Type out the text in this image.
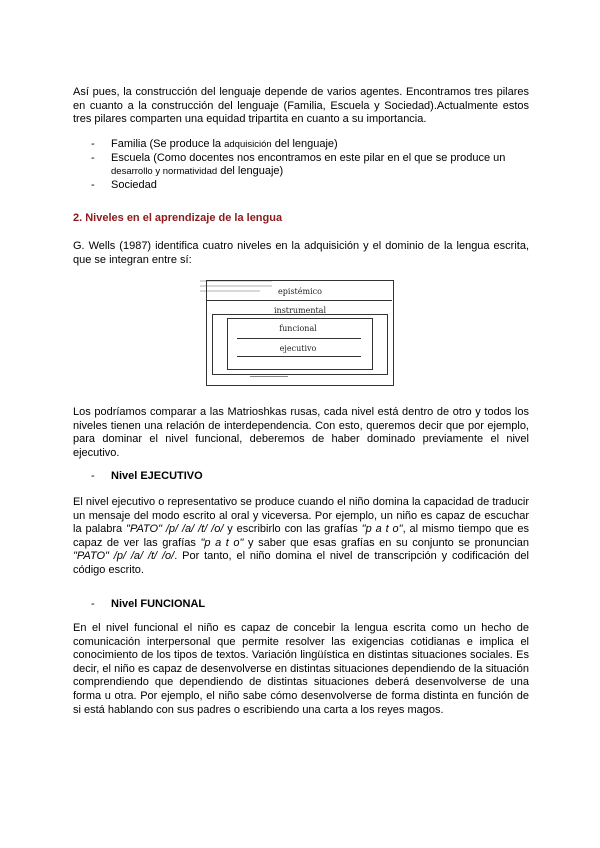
Así pues, la construcción del lenguaje depende de varios agentes. Encontramos tres pilares en cuanto a la construcción del lenguaje (Familia, Escuela y Sociedad).Actualmente estos tres pilares comparten una equidad tripartita en cuanto a su importancia.

- Familia (Se produce la adquisición del lenguaje)
- Escuela (Como docentes nos encontramos en este pilar en el que se produce un desarrollo y normatividad del lenguaje)
- Sociedad
2. Niveles en el aprendizaje de la lengua

G. Wells (1987) identifica cuatro niveles en la adquisición y el dominio de la lengua escrita, que se integran entre sí:

epistémico
instrumental
funcional
ejecutivo

Los podríamos comparar a las Matrioshkas rusas, cada nivel está dentro de otro y todos los niveles tienen una relación de interdependencia. Con esto, queremos decir que por ejemplo, para dominar el nivel funcional, deberemos de haber dominado previamente el nivel ejecutivo.

- Nivel EJECUTIVO

El nivel ejecutivo o representativo se produce cuando el niño domina la capacidad de traducir un mensaje del modo escrito al oral y viceversa. Por ejemplo, un niño es capaz de escuchar la palabra "PATO" /p/ /a/ /t/ /o/ y escribirlo con las grafías "p a t o", al mismo tiempo que es capaz de ver las grafías "p a t o" y saber que esas grafías en su conjunto se pronuncian "PATO" /p/ /a/ /t/ /o/. Por tanto, el niño domina el nivel de transcripción y codificación del código escrito.

- Nivel FUNCIONAL

En el nivel funcional el niño es capaz de concebir la lengua escrita como un hecho de comunicación interpersonal que permite resolver las exigencias cotidianas e implica el conocimiento de los tipos de textos. Variación lingüística en distintas situaciones sociales. Es decir, el niño es capaz de desenvolverse en distintas situaciones dependiendo de la situación comprendiendo que dependiendo de distintas situaciones deberá desenvolverse de una forma u otra. Por ejemplo, el niño sabe cómo desenvolverse de forma distinta en función de si está hablando con sus padres o escribiendo una carta a los reyes magos.
